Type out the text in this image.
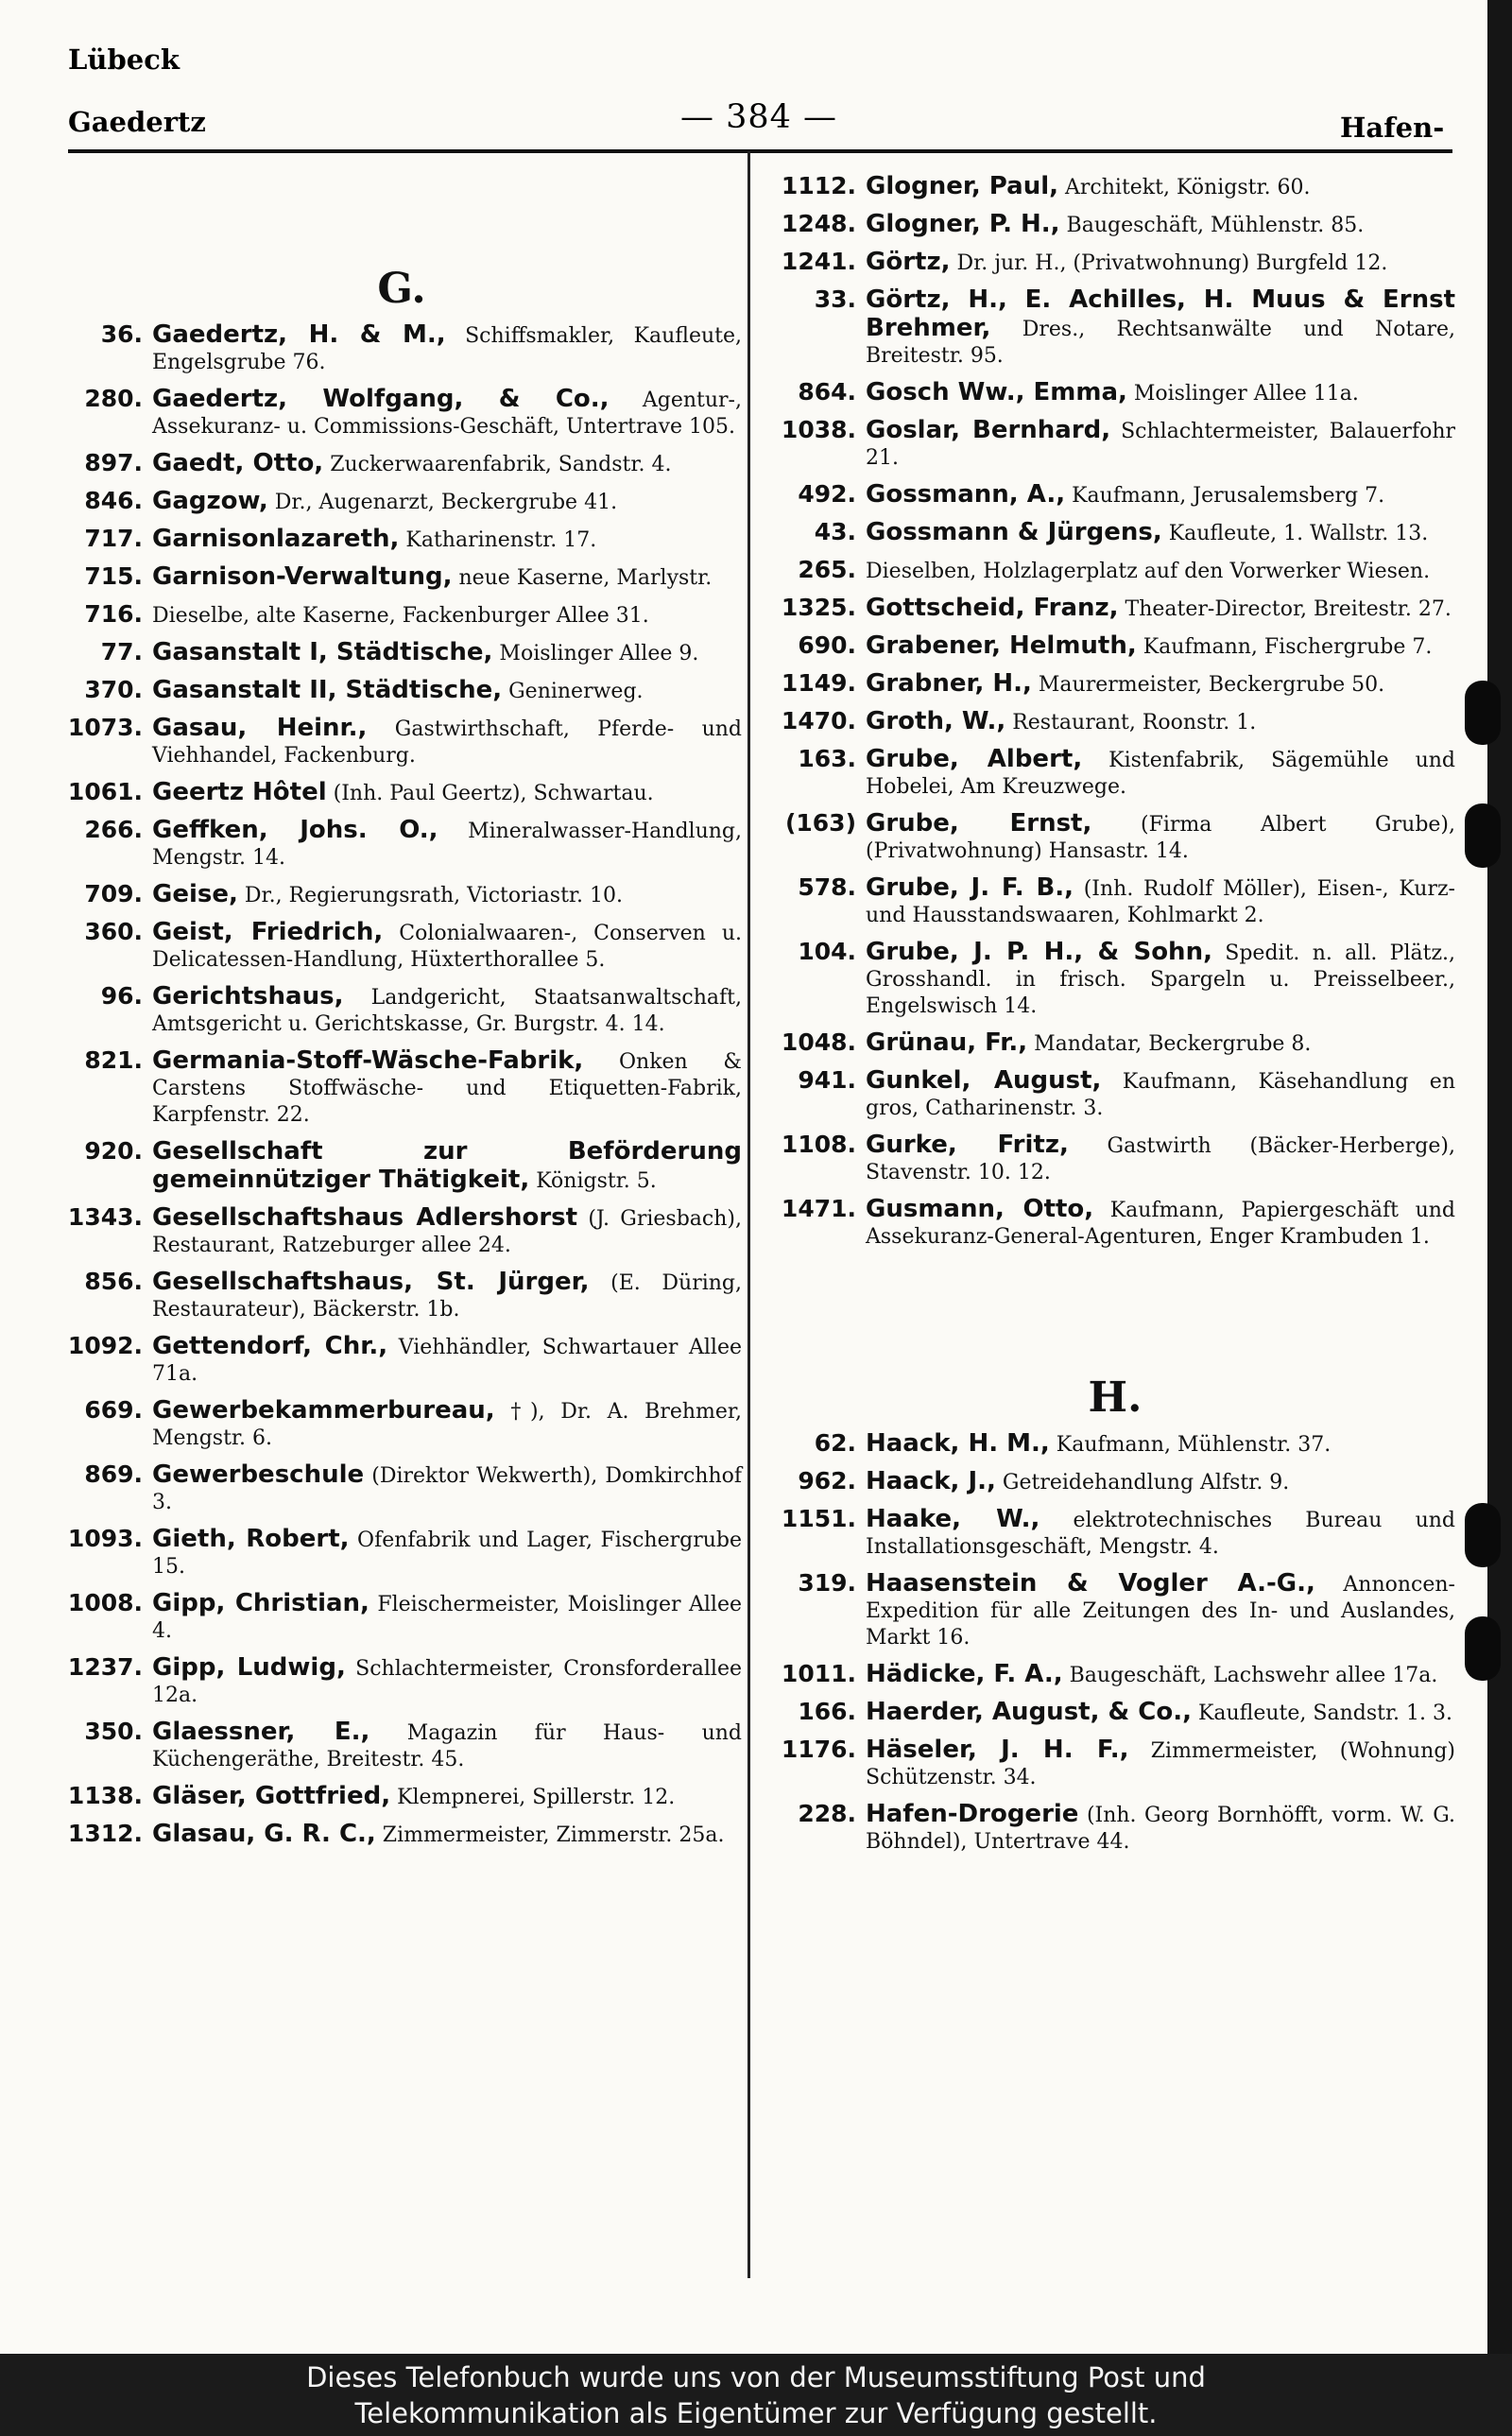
Lübeck
Gaedertz	— 384 —	Hafen-
G.
36. Gaedertz, H. & M., Schiffsmakler, Kaufleute, Engelsgrube 76.
280. Gaedertz, Wolfgang, & Co., Agentur-, Assekuranz- u. Commissions-Geschäft, Untertrave 105.
897. Gaedt, Otto, Zuckerwaarenfabrik, Sandstr. 4.
846. Gagzow, Dr., Augenarzt, Beckergrube 41.
717. Garnisonlazareth, Katharinenstr. 17.
715. Garnison-Verwaltung, neue Kaserne, Marlystr.
716. Dieselbe, alte Kaserne, Fackenburger Allee 31.
77. Gasanstalt I, Städtische, Moislinger Allee 9.
370. Gasanstalt II, Städtische, Geninerweg.
1073. Gasau, Heinr., Gastwirthschaft, Pferde- und Viehhandel, Fackenburg.
1061. Geertz Hôtel (Inh. Paul Geertz), Schwartau.
266. Geffken, Johs. O., Mineralwasser-Handlung, Mengstr. 14.
709. Geise, Dr., Regierungsrath, Victoriastr. 10.
360. Geist, Friedrich, Colonialwaaren-, Conserven u. Delicatessen-Handlung, Hüxterthorallee 5.
96. Gerichtshaus, Landgericht, Staatsanwaltschaft, Amtsgericht u. Gerichtskasse, Gr. Burgstr. 4. 14.
821. Germania-Stoff-Wäsche-Fabrik, Onken & Carstens Stoffwäsche- und Etiquetten-Fabrik, Karpfenstr. 22.
920. Gesellschaft zur Beförderung gemeinnütziger Thätigkeit, Königstr. 5.
1343. Gesellschaftshaus Adlershorst (J. Griesbach), Restaurant, Ratzeburger allee 24.
856. Gesellschaftshaus, St. Jürger, (E. Düring, Restaurateur), Bäckerstr. 1b.
1092. Gettendorf, Chr., Viehhändler, Schwartauer Allee 71a.
669. Gewerbekammerbureau, †), Dr. A. Brehmer, Mengstr. 6.
869. Gewerbeschule (Direktor Wekwerth), Domkirchhof 3.
1093. Gieth, Robert, Ofenfabrik und Lager, Fischergrube 15.
1008. Gipp, Christian, Fleischermeister, Moislinger Allee 4.
1237. Gipp, Ludwig, Schlachtermeister, Cronsforderallee 12a.
350. Glaessner, E., Magazin für Haus- und Küchengeräthe, Breitestr. 45.
1138. Gläser, Gottfried, Klempnerei, Spillerstr. 12.
1312. Glasau, G. R. C., Zimmermeister, Zimmerstr. 25a.
1112. Glogner, Paul, Architekt, Königstr. 60.
1248. Glogner, P. H., Baugeschäft, Mühlenstr. 85.
1241. Görtz, Dr. jur. H., (Privatwohnung) Burgfeld 12.
33. Görtz, H., E. Achilles, H. Muus & Ernst Brehmer, Dres., Rechtsanwälte und Notare, Breitestr. 95.
864. Gosch Ww., Emma, Moislinger Allee 11a.
1038. Goslar, Bernhard, Schlachtermeister, Balauerfohr 21.
492. Gossmann, A., Kaufmann, Jerusalemsberg 7.
43. Gossmann & Jürgens, Kaufleute, 1. Wallstr. 13.
265. Dieselben, Holzlagerplatz auf den Vorwerker Wiesen.
1325. Gottscheid, Franz, Theater-Director, Breitestr. 27.
690. Grabener, Helmuth, Kaufmann, Fischergrube 7.
1149. Grabner, H., Maurermeister, Beckergrube 50.
1470. Groth, W., Restaurant, Roonstr. 1.
163. Grube, Albert, Kistenfabrik, Sägemühle und Hobelei, Am Kreuzwege.
(163) Grube, Ernst, (Firma Albert Grube), (Privatwohnung) Hansastr. 14.
578. Grube, J. F. B., (Inh. Rudolf Möller), Eisen-, Kurz- und Hausstandswaaren, Kohlmarkt 2.
104. Grube, J. P. H., & Sohn, Spedit. n. all. Plätz., Grosshandl. in frisch. Spargeln u. Preisselbeer., Engelswisch 14.
1048. Grünau, Fr., Mandatar, Beckergrube 8.
941. Gunkel, August, Kaufmann, Käsehandlung en gros, Catharinenstr. 3.
1108. Gurke, Fritz, Gastwirth (Bäcker-Herberge), Stavenstr. 10. 12.
1471. Gusmann, Otto, Kaufmann, Papiergeschäft und Assekuranz-General-Agenturen, Enger Krambuden 1.
H.
62. Haack, H. M., Kaufmann, Mühlenstr. 37.
962. Haack, J., Getreidehandlung Alfstr. 9.
1151. Haake, W., elektrotechnisches Bureau und Installationsgeschäft, Mengstr. 4.
319. Haasenstein & Vogler A.-G., Annoncen-Expedition für alle Zeitungen des In- und Auslandes, Markt 16.
1011. Hädicke, F. A., Baugeschäft, Lachswehr allee 17a.
166. Haerder, August, & Co., Kaufleute, Sandstr. 1. 3.
1176. Häseler, J. H. F., Zimmermeister, (Wohnung) Schützenstr. 34.
228. Hafen-Drogerie (Inh. Georg Bornhöfft, vorm. W. G. Böhndel), Untertrave 44.
Dieses Telefonbuch wurde uns von der Museumsstiftung Post und
Telekommunikation als Eigentümer zur Verfügung gestellt.
